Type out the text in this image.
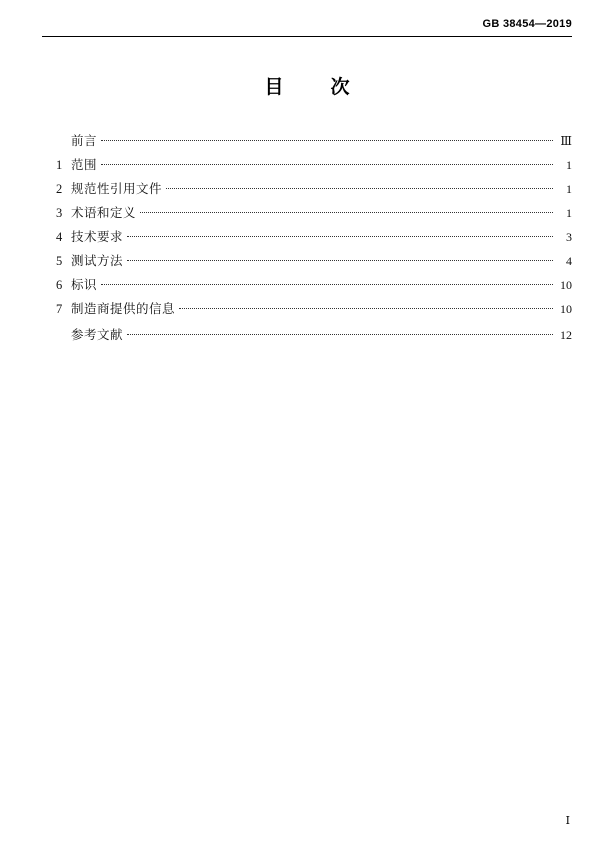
GB 38454—2019
目　次
前言	Ⅲ
1 范围	1
2 规范性引用文件	1
3 术语和定义	1
4 技术要求	3
5 测试方法	4
6 标识	10
7 制造商提供的信息	10
参考文献	12
Ⅰ
